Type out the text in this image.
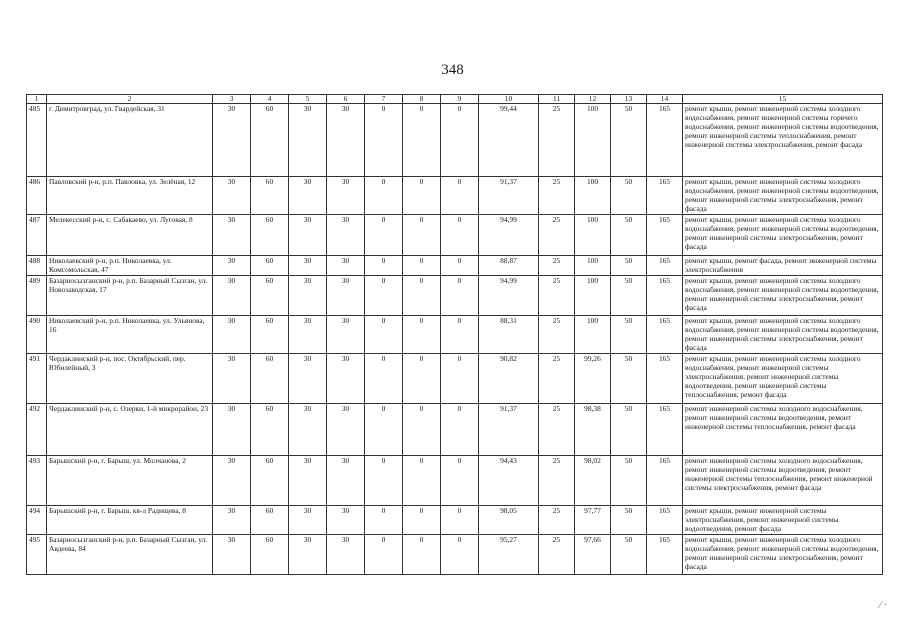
348
1	2	3	4	5	6	7	8	9	10	11	12	13	14	15
485	г. Димитровград, ул. Гвардейская, 31	30	60	30	30	0	0	0	99,44	25	100	50	165	ремонт крыши, ремонт инженерной системы холодного водоснабжения, ремонт инженерной системы горячего водоснабжения, ремонт инженерной системы водоотведения, ремонт инженерной системы теплоснабжения, ремонт инженерной системы электроснабжения, ремонт фасада
486	Павловский р-н, р.п. Павловка, ул. Зелёная, 12	30	60	30	30	0	0	0	91,37	25	100	50	165	ремонт крыши, ремонт инженерной системы холодного водоснабжения, ремонт инженерной системы водоотведения, ремонт инженерной системы электроснабжения, ремонт фасада
487	Мелекесский р-н, с. Сабакаево, ул. Луговая, 8	30	60	30	30	0	0	0	94,99	25	100	50	165	ремонт крыши, ремонт инженерной системы холодного водоснабжения, ремонт инженерной системы водоотведения, ремонт инженерной системы электроснабжения, ремонт фасада
488	Николаевский р-н, р.п. Николаевка, ул. Комсомольская, 47	30	60	30	30	0	0	0	88,87	25	100	50	165	ремонт крыши, ремонт фасада, ремонт инженерной системы электроснабжения
489	Базарносызганский р-н, р.п. Базарный Сызган, ул. Новозаводская, 17	30	60	30	30	0	0	0	94,99	25	100	50	165	ремонт крыши, ремонт инженерной системы холодного водоснабжения, ремонт инженерной системы водоотведения, ремонт инженерной системы электроснабжения, ремонт фасада
490	Николаевский р-н, р.п. Николаевка, ул. Ульянова, 16	30	60	30	30	0	0	0	88,31	25	100	50	165	ремонт крыши, ремонт инженерной системы холодного водоснабжения, ремонт инженерной системы водоотведения, ремонт инженерной системы электроснабжения, ремонт фасада
491	Чердаклинский р-н, пос. Октябрьский, пер. Юбилейный, 3	30	60	30	30	0	0	0	90,82	25	99,26	50	165	ремонт крыши, ремонт инженерной системы холодного водоснабжения, ремонт инженерной системы электроснабжения, ремонт инженерной системы водоотведения, ремонт инженерной системы теплоснабжения, ремонт фасада
492	Чердаклинский р-н, с. Озерки, 1-й микрорайон, 23	30	60	30	30	0	0	0	91,37	25	98,38	50	165	ремонт инженерной системы холодного водоснабжения, ремонт инженерной системы водоотведения, ремонт инженерной системы теплоснабжения, ремонт фасада
493	Барышский р-н, г. Барыш, ул. Молчанова, 2	30	60	30	30	0	0	0	94,43	25	98,02	50	165	ремонт инженерной системы холодного водоснабжения, ремонт инженерной системы водоотведения, ремонт инженерной системы теплоснабжения, ремонт инженерной системы электроснабжения, ремонт фасада
494	Барышский р-н, г. Барыш, кв-л Радищева, 8	30	60	30	30	0	0	0	98,05	25	97,77	50	165	ремонт крыши, ремонт инженерной системы электроснабжения, ремонт инженерной системы водоотведения, ремонт фасада
495	Базарносызганский р-н, р.п. Базарный Сызган, ул. Авдеева, 84	30	60	30	30	0	0	0	95,27	25	97,66	50	165	ремонт крыши, ремонт инженерной системы холодного водоснабжения, ремонт инженерной системы водоотведения, ремонт инженерной системы электроснабжения, ремонт фасада
⁄ ·
